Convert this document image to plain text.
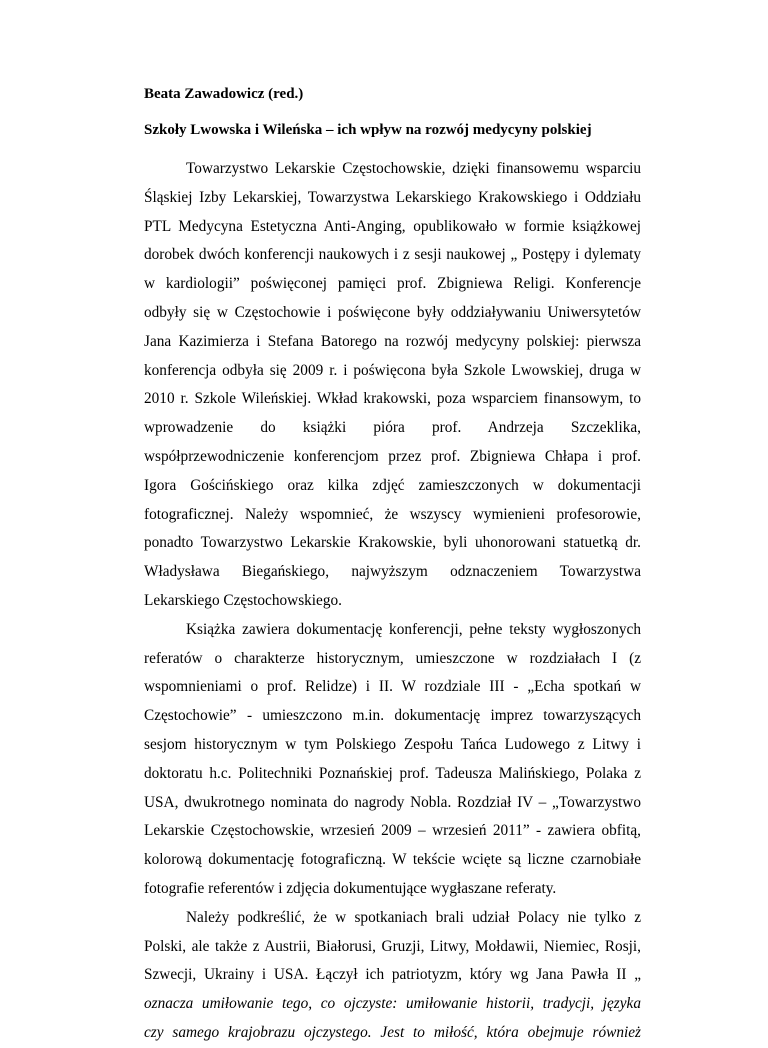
Beata Zawadowicz (red.)

Szkoły Lwowska i Wileńska – ich wpływ na rozwój medycyny polskiej

Towarzystwo Lekarskie Częstochowskie, dzięki finansowemu wsparciu
Śląskiej Izby Lekarskiej, Towarzystwa Lekarskiego Krakowskiego i Oddziału
PTL Medycyna Estetyczna Anti-Anging, opublikowało w formie książkowej
dorobek dwóch konferencji naukowych i z sesji naukowej „ Postępy i dylematy
w kardiologii” poświęconej pamięci prof. Zbigniewa Religi. Konferencje
odbyły się w Częstochowie i poświęcone były oddziaływaniu Uniwersytetów
Jana Kazimierza i Stefana Batorego na rozwój medycyny polskiej: pierwsza
konferencja odbyła się 2009 r. i poświęcona była Szkole Lwowskiej, druga w
2010 r. Szkole Wileńskiej. Wkład krakowski, poza wsparciem finansowym, to
wprowadzenie do książki pióra prof. Andrzeja Szczeklika,
współprzewodniczenie konferencjom przez prof. Zbigniewa Chłapa i prof.
Igora Gościńskiego oraz kilka zdjęć zamieszczonych w dokumentacji
fotograficznej. Należy wspomnieć, że wszyscy wymienieni profesorowie,
ponadto Towarzystwo Lekarskie Krakowskie, byli uhonorowani statuetką dr.
Władysława Biegańskiego, najwyższym odznaczeniem Towarzystwa
Lekarskiego Częstochowskiego.
Książka zawiera dokumentację konferencji, pełne teksty wygłoszonych
referatów o charakterze historycznym, umieszczone w rozdziałach I (z
wspomnieniami o prof. Relidze) i II. W rozdziale III - „Echa spotkań w
Częstochowie” - umieszczono m.in. dokumentację imprez towarzyszących
sesjom historycznym w tym Polskiego Zespołu Tańca Ludowego z Litwy i
doktoratu h.c. Politechniki Poznańskiej prof. Tadeusza Malińskiego, Polaka z
USA, dwukrotnego nominata do nagrody Nobla. Rozdział IV – „Towarzystwo
Lekarskie Częstochowskie, wrzesień 2009 – wrzesień 2011” - zawiera obfitą,
kolorową dokumentację fotograficzną. W tekście wcięte są liczne czarnobiałe
fotografie referentów i zdjęcia dokumentujące wygłaszane referaty.
Należy podkreślić, że w spotkaniach brali udział Polacy nie tylko z
Polski, ale także z Austrii, Białorusi, Gruzji, Litwy, Mołdawii, Niemiec, Rosji,
Szwecji, Ukrainy i USA. Łączył ich patriotyzm, który wg Jana Pawła II „
oznacza umiłowanie tego, co ojczyste: umiłowanie historii, tradycji, języka
czy samego krajobrazu ojczystego. Jest to miłość, która obejmuje również
